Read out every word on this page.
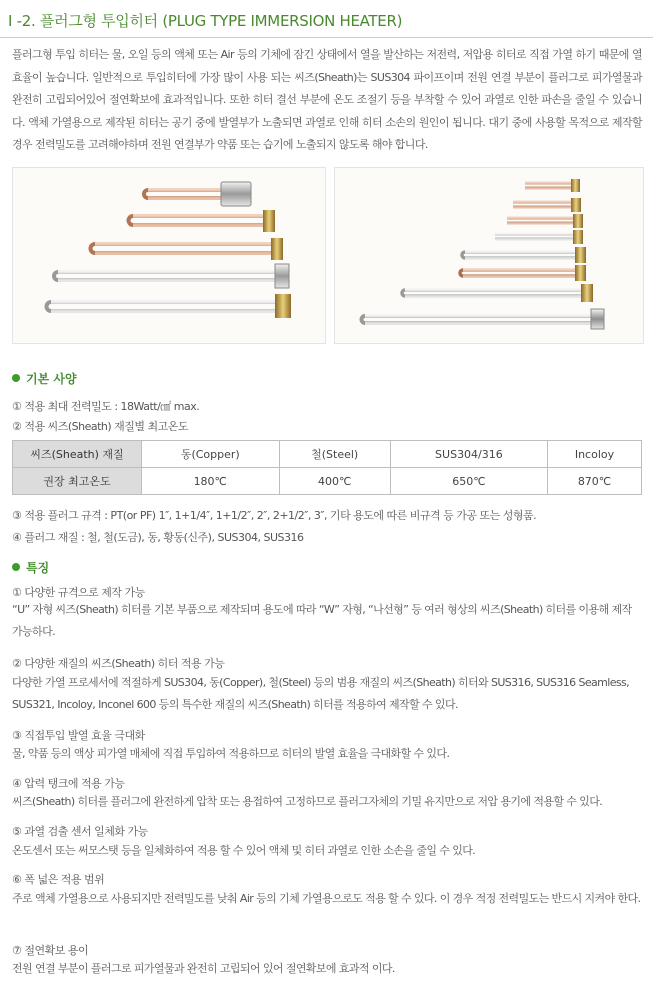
I -2. 플러그형 투입히터 (PLUG TYPE IMMERSION HEATER)
플러그형 투입 히터는 물, 오일 등의 액체 또는 Air 등의 기체에 잠긴 상태에서 열을 발산하는 저전력, 저압용 히터로 직접 가열 하기 때문에 열효율이 높습니다. 일반적으로 투입히터에 가장 많이 사용 되는 씨즈(Sheath)는 SUS304 파이프이며 전원 연결 부분이 플러그로 피가열물과 완전히 고립되어있어 절연확보에 효과적입니다. 또한 히터 결선 부분에 온도 조절기 등을 부착할 수 있어 과열로 인한 파손을 줄일 수 있습니다. 액체 가열용으로 제작된 히터는 공기 중에 발열부가 노출되면 과열로 인해 히터 소손의 원인이 됩니다. 대기 중에 사용할 목적으로 제작할 경우 전력밀도를 고려해야하며 전원 연결부가 약품 또는 습기에 노출되지 않도록 해야 합니다.
기본 사양
① 적용 최대 전력밀도 : 18Watt/㎠ max.
② 적용 씨즈(Sheath) 재질별 최고온도
씨즈(Sheath) 재질	동(Copper)	철(Steel)	SUS304/316	Incoloy
권장 최고온도	180℃	400℃	650℃	870℃
③ 적용 플러그 규격 : PT(or PF) 1″, 1+1/4″, 1+1/2″, 2″, 2+1/2″, 3″, 기타 용도에 따른 비규격 등 가공 또는 성형품.
④ 플러그 재질 : 철, 철(도금), 동, 황동(신주), SUS304, SUS316
특징
① 다양한 규격으로 제작 가능
“U” 자형 씨즈(Sheath) 히터를 기본 부품으로 제작되며 용도에 따라 “W” 자형, “나선형” 등 여러 형상의 씨즈(Sheath) 히터를 이용해 제작 가능하다.
② 다양한 재질의 씨즈(Sheath) 히터 적용 가능
다양한 가열 프로세서에 적절하게 SUS304, 동(Copper), 철(Steel) 등의 범용 재질의 씨즈(Sheath) 히터와 SUS316, SUS316 Seamless, SUS321, Incoloy, Inconel 600 등의 특수한 재질의 씨즈(Sheath) 히터를 적용하여 제작할 수 있다.
③ 직접투입 발열 효율 극대화
물, 약품 등의 액상 피가열 매체에 직접 투입하여 적용하므로 히터의 발열 효율을 극대화할 수 있다.
④ 압력 탱크에 적용 가능
씨즈(Sheath) 히터를 플러그에 완전하게 압착 또는 용접하여 고정하므로 플러그자체의 기밀 유지만으로 저압 용기에 적용할 수 있다.
⑤ 과열 검출 센서 일체화 가능
온도센서 또는 써모스탯 등을 일체화하여 적용 할 수 있어 액체 및 히터 과열로 인한 소손을 줄일 수 있다.
⑥ 폭 넓은 적용 범위
주로 액체 가열용으로 사용되지만 전력밀도를 낮춰 Air 등의 기체 가열용으로도 적용 할 수 있다. 이 경우 적정 전력밀도는 반드시 지켜야 한다.
⑦ 절연확보 용이
전원 연결 부분이 플러그로 피가열물과 완전히 고립되어 있어 절연확보에 효과적 이다.
